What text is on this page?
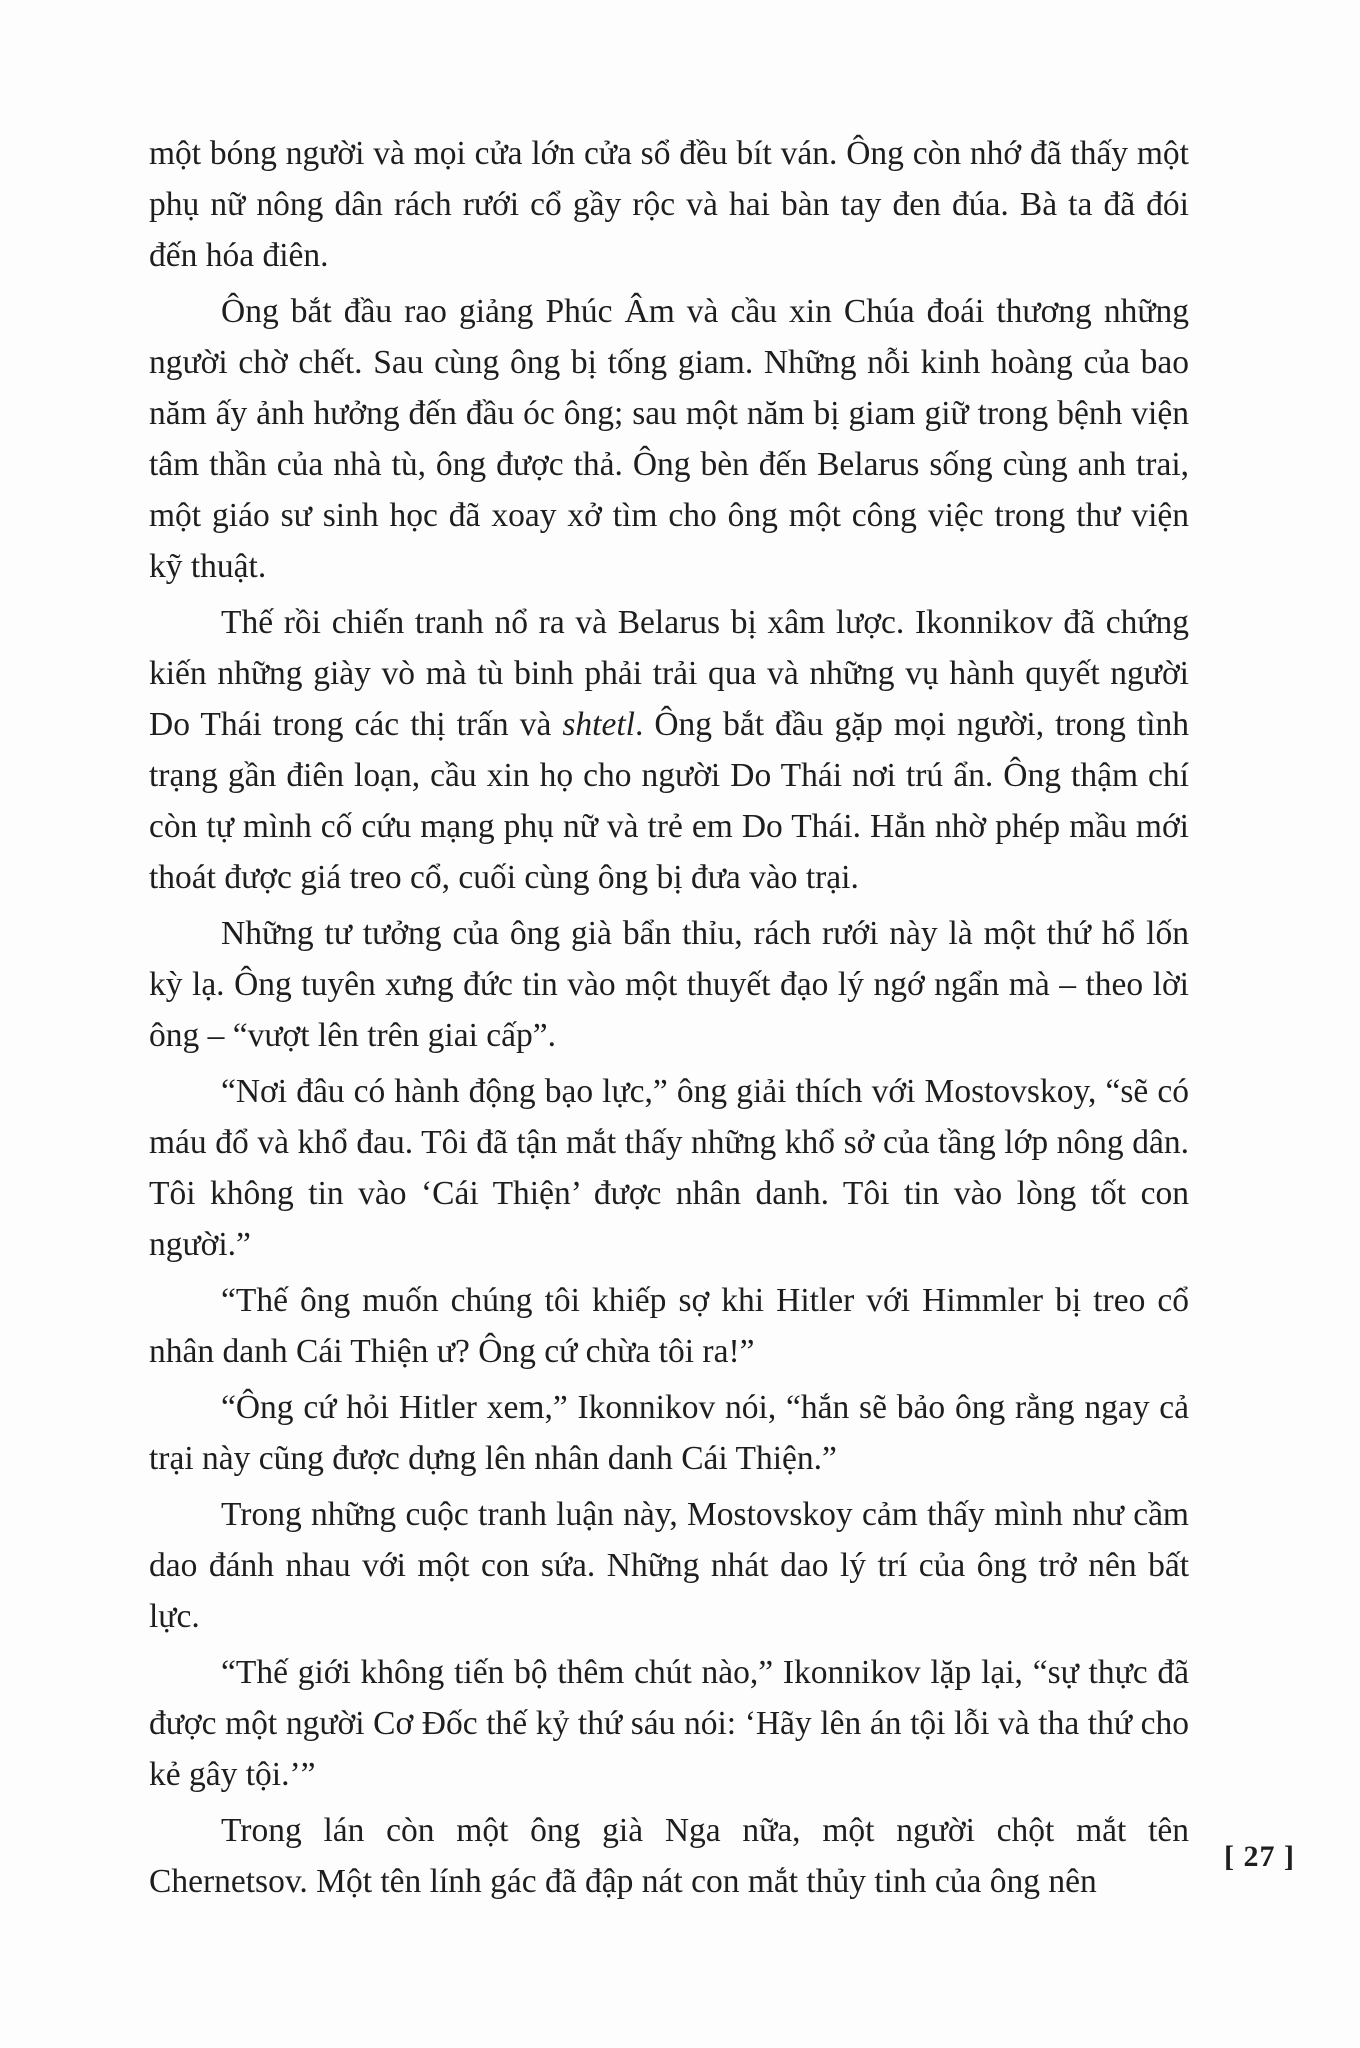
một bóng người và mọi cửa lớn cửa sổ đều bít ván. Ông còn nhớ đã thấy một phụ nữ nông dân rách rưới cổ gầy rộc và hai bàn tay đen đúa. Bà ta đã đói đến hóa điên.

Ông bắt đầu rao giảng Phúc Âm và cầu xin Chúa đoái thương những người chờ chết. Sau cùng ông bị tống giam. Những nỗi kinh hoàng của bao năm ấy ảnh hưởng đến đầu óc ông; sau một năm bị giam giữ trong bệnh viện tâm thần của nhà tù, ông được thả. Ông bèn đến Belarus sống cùng anh trai, một giáo sư sinh học đã xoay xở tìm cho ông một công việc trong thư viện kỹ thuật.

Thế rồi chiến tranh nổ ra và Belarus bị xâm lược. Ikonnikov đã chứng kiến những giày vò mà tù binh phải trải qua và những vụ hành quyết người Do Thái trong các thị trấn và shtetl. Ông bắt đầu gặp mọi người, trong tình trạng gần điên loạn, cầu xin họ cho người Do Thái nơi trú ẩn. Ông thậm chí còn tự mình cố cứu mạng phụ nữ và trẻ em Do Thái. Hẳn nhờ phép mầu mới thoát được giá treo cổ, cuối cùng ông bị đưa vào trại.

Những tư tưởng của ông già bẩn thỉu, rách rưới này là một thứ hổ lốn kỳ lạ. Ông tuyên xưng đức tin vào một thuyết đạo lý ngớ ngẩn mà – theo lời ông – “vượt lên trên giai cấp”.

“Nơi đâu có hành động bạo lực,” ông giải thích với Mostovskoy, “sẽ có máu đổ và khổ đau. Tôi đã tận mắt thấy những khổ sở của tầng lớp nông dân. Tôi không tin vào ‘Cái Thiện’ được nhân danh. Tôi tin vào lòng tốt con người.”

“Thế ông muốn chúng tôi khiếp sợ khi Hitler với Himmler bị treo cổ nhân danh Cái Thiện ư? Ông cứ chừa tôi ra!”

“Ông cứ hỏi Hitler xem,” Ikonnikov nói, “hắn sẽ bảo ông rằng ngay cả trại này cũng được dựng lên nhân danh Cái Thiện.”

Trong những cuộc tranh luận này, Mostovskoy cảm thấy mình như cầm dao đánh nhau với một con sứa. Những nhát dao lý trí của ông trở nên bất lực.

“Thế giới không tiến bộ thêm chút nào,” Ikonnikov lặp lại, “sự thực đã được một người Cơ Đốc thế kỷ thứ sáu nói: ‘Hãy lên án tội lỗi và tha thứ cho kẻ gây tội.’”

Trong lán còn một ông già Nga nữa, một người chột mắt tên Chernetsov. Một tên lính gác đã đập nát con mắt thủy tinh của ông nên

[ 27 ]
